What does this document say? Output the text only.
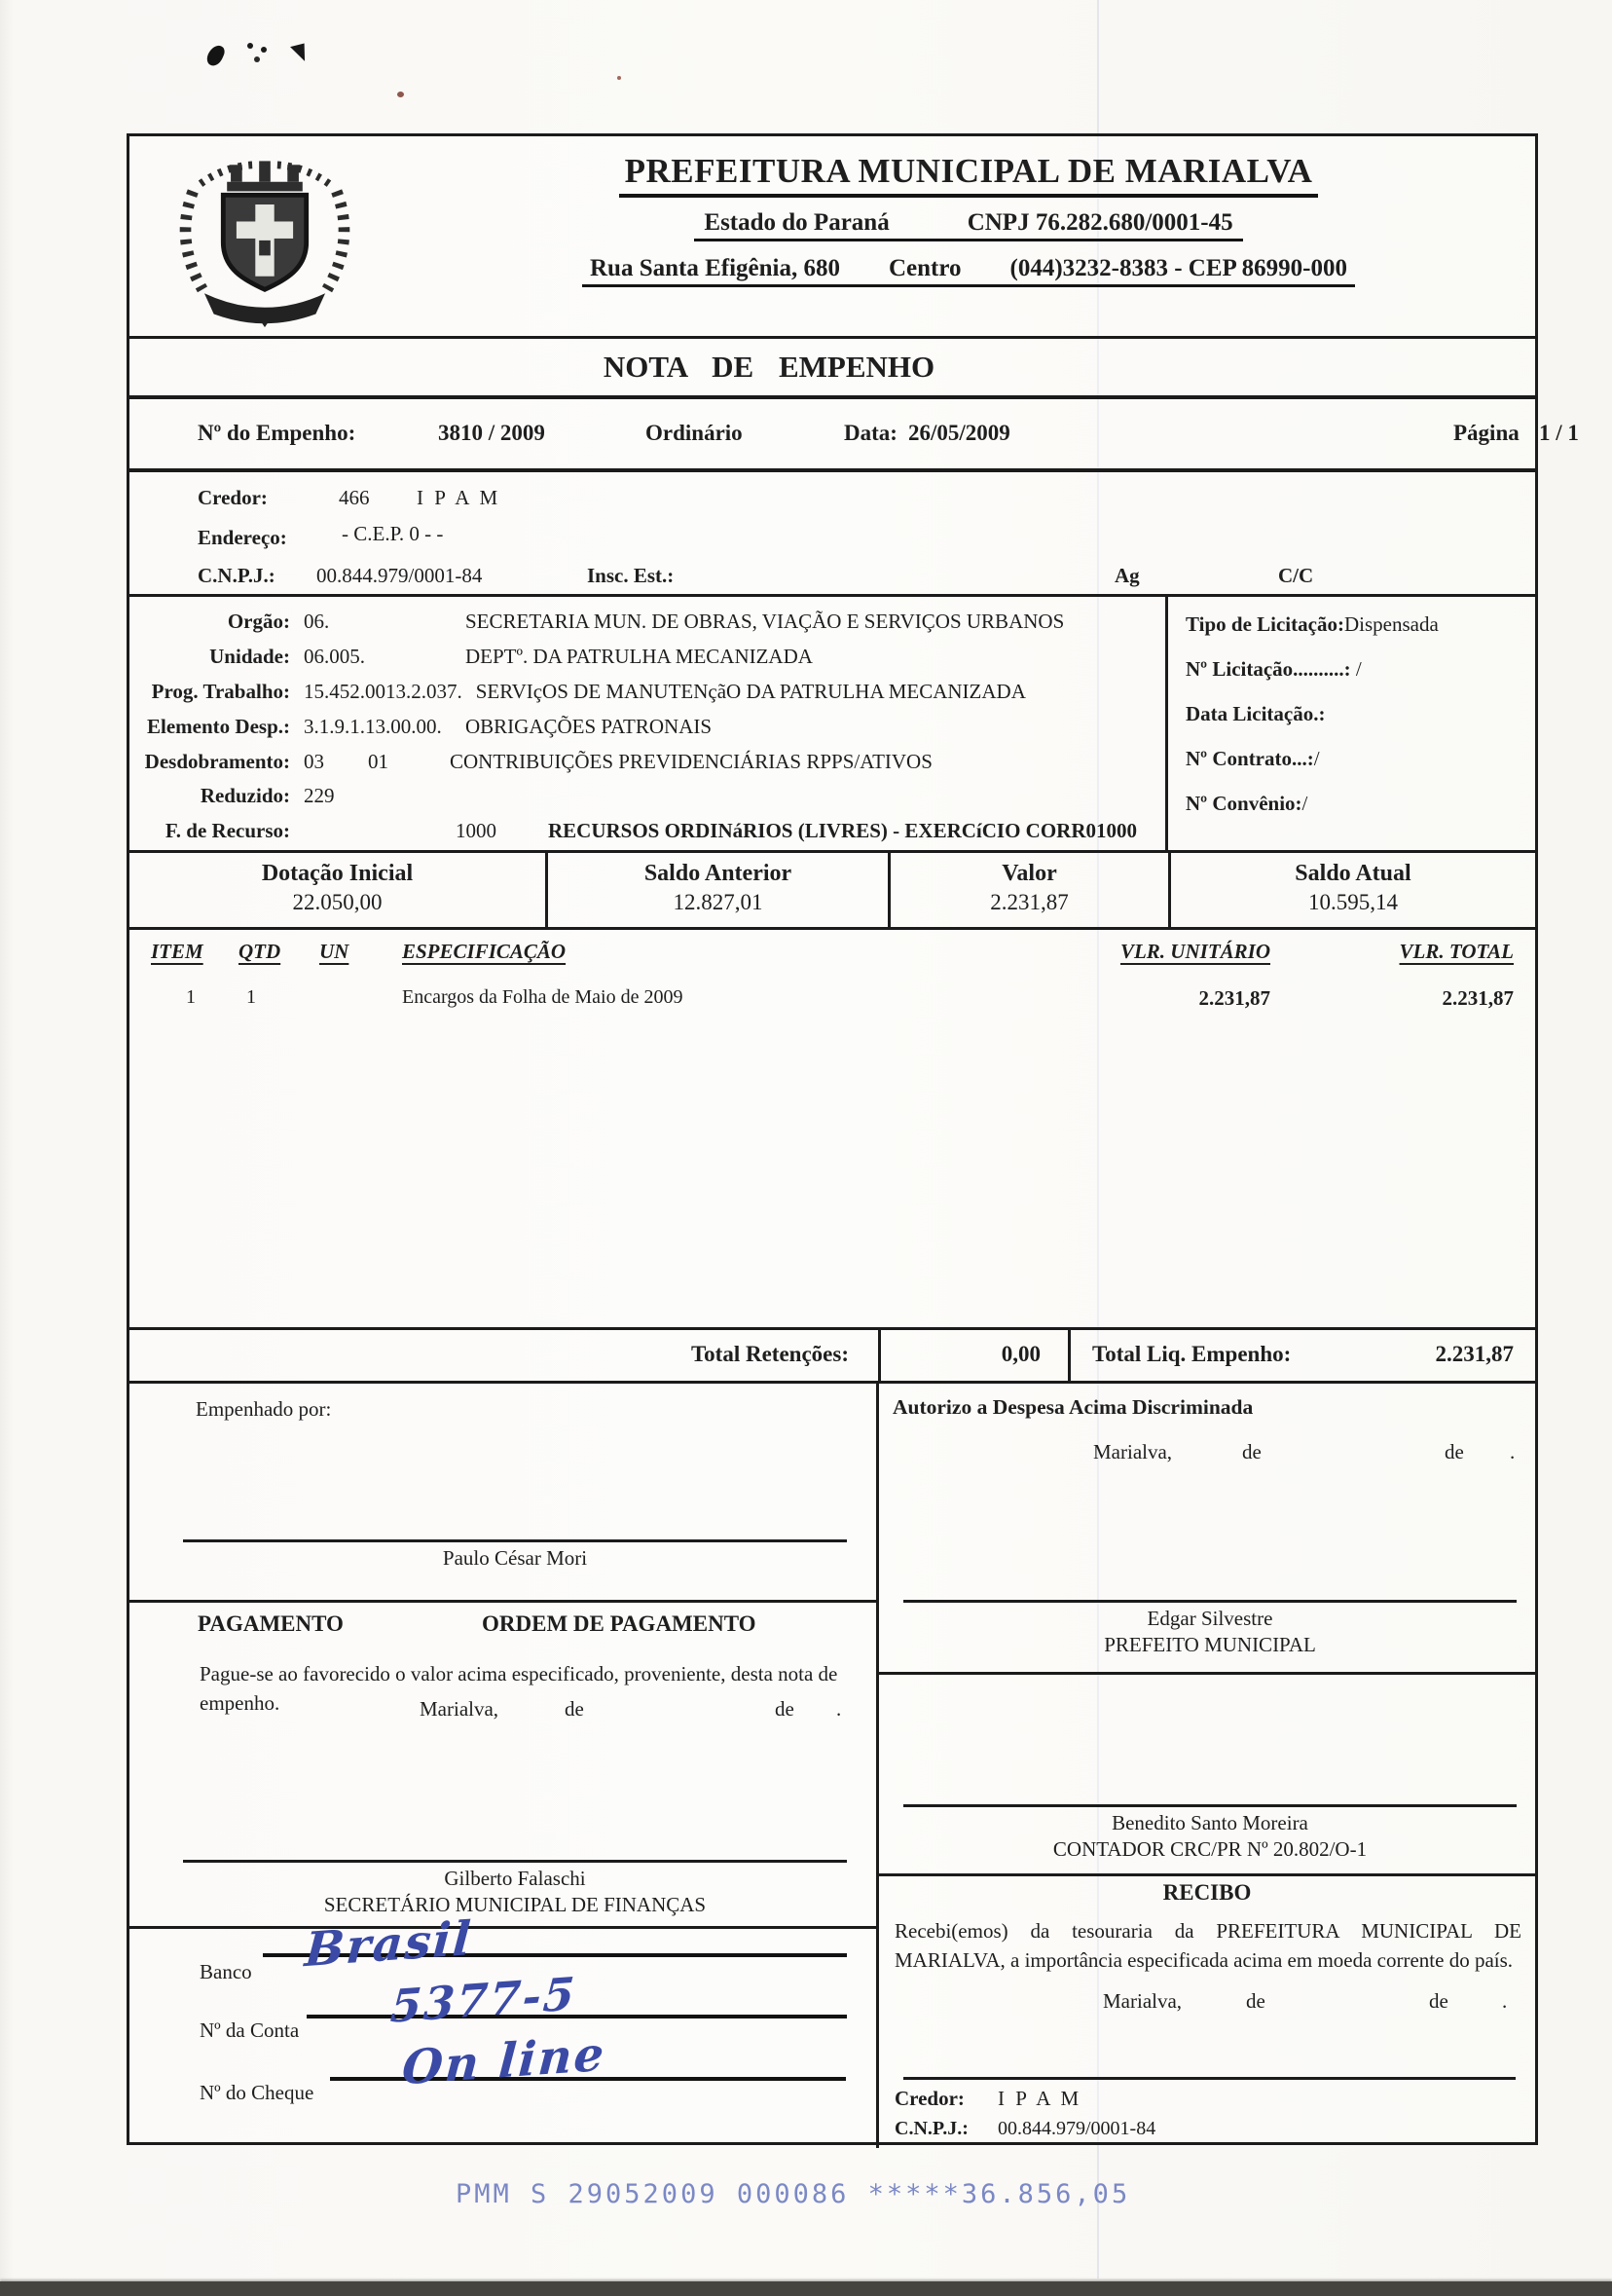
PREFEITURA MUNICIPAL DE MARIALVA
Estado do Paraná	CNPJ 76.282.680/0001-45
Rua Santa Efigênia, 680 Centro (044)3232-8383 - CEP 86990-000
NOTA DE EMPENHO
Nº do Empenho:	3810 / 2009	Ordinário	Data: 26/05/2009	Página 1 / 1
Credor:	466 I P A M
Endereço:	- C.E.P. 0 - -
C.N.P.J.: 00.844.979/0001-84	Insc. Est.:	Ag	C/C
Orgão: 06.	SECRETARIA MUN. DE OBRAS, VIAÇÃO E SERVIÇOS URBANOS
Unidade: 06.005.	DEPTº. DA PATRULHA MECANIZADA
Prog. Trabalho: 15.452.0013.2.037. SERVIçOS DE MANUTENçãO DA PATRULHA MECANIZADA
Elemento Desp.: 3.1.9.1.13.00.00.	OBRIGAÇÕES PATRONAIS
Desdobramento: 03	01	CONTRIBUIÇÕES PREVIDENCIÁRIAS RPPS/ATIVOS
Reduzido: 229
F. de Recurso:	1000	RECURSOS ORDINáRIOS (LIVRES) - EXERCíCIO CORR 01000
Tipo de Licitação:Dispensada
Nº Licitação..........: /
Data Licitação.:
Nº Contrato...:/
Nº Convênio:/
Dotação Inicial
22.050,00
Saldo Anterior
12.827,01
Valor
2.231,87
Saldo Atual
10.595,14
ITEM QTD UN	ESPECIFICAÇÃO	VLR. UNITÁRIO	VLR. TOTAL
1	1	Encargos da Folha de Maio de 2009	2.231,87	2.231,87
Total Retenções:	0,00	Total Liq. Empenho:	2.231,87
Empenhado por:
Paulo César Mori
PAGAMENTO	ORDEM DE PAGAMENTO
Pague-se ao favorecido o valor acima especificado, proveniente, desta nota de empenho.	Marialva,	de	de .
Gilberto Falaschi
SECRETÁRIO MUNICIPAL DE FINANÇAS
Banco Brasil
Nº da Conta 5377-5
Nº do Cheque On line
Autorizo a Despesa Acima Discriminada
Marialva,	de	de .
Edgar Silvestre
PREFEITO MUNICIPAL
Benedito Santo Moreira
CONTADOR CRC/PR Nº 20.802/O-1
RECIBO
Recebi(emos) da tesouraria da PREFEITURA MUNICIPAL DE MARIALVA, a importância especificada acima em moeda corrente do país.
Marialva,	de	de	.
Credor: I P A M
C.N.P.J.: 00.844.979/0001-84
PMM S 29052009 000086 *****36.856,05
